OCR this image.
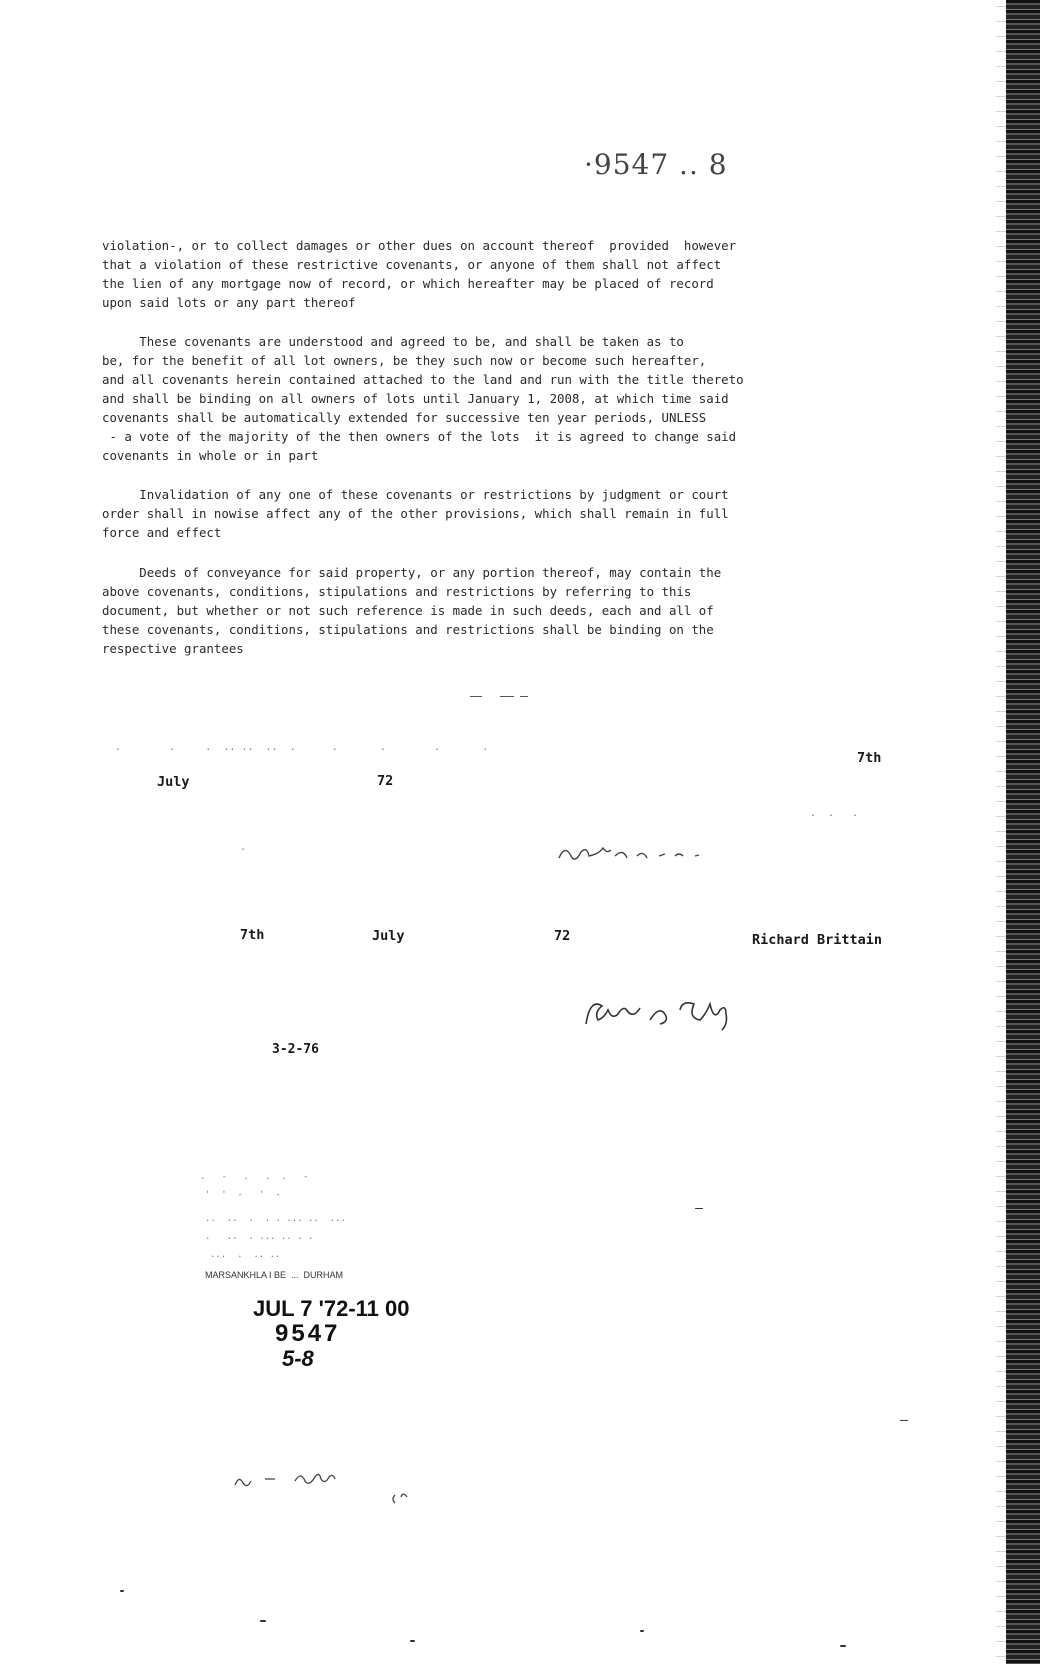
·9547 .. 8
violation-, or to collect damages or other dues on account thereof  provided  however
that a violation of these restrictive covenants, or anyone of them shall not affect
the lien of any mortgage now of record, or which hereafter may be placed of record
upon said lots or any part thereof
These covenants are understood and agreed to be, and shall be taken as to
be, for the benefit of all lot owners, be they such now or become such hereafter,
and all covenants herein contained attached to the land and run with the title thereto
and shall be binding on all owners of lots until January 1, 2008, at which time said
covenants shall be automatically extended for successive ten year periods, UNLESS
- a vote of the majority of the then owners of the lots  it is agreed to change said
covenants in whole or in part
Invalidation of any one of these covenants or restrictions by judgment or court
order shall in nowise affect any of the other provisions, which shall remain in full
force and effect
Deeds of conveyance for said property, or any portion thereof, may contain the
above covenants, conditions, stipulations and restrictions by referring to this
document, but whether or not such reference is made in such deeds, each and all of
these covenants, conditions, stipulations and restrictions shall be binding on the
respective grantees
.        .     .  .. ..  ..  .      .       .        .       .
.  .   .
-
7th
July	72
7th	July	72	Richard Brittain
3-2-76
.   -   .   .  .   -
'  '  -   '  -
..  ..  .  . . ... ..  ...
.   ..  . ... .. . .
...  .  .. ..
MARSANKHLA I BE  ...  DURHAM
JUL 7 '72-11 00
9547
5-8
